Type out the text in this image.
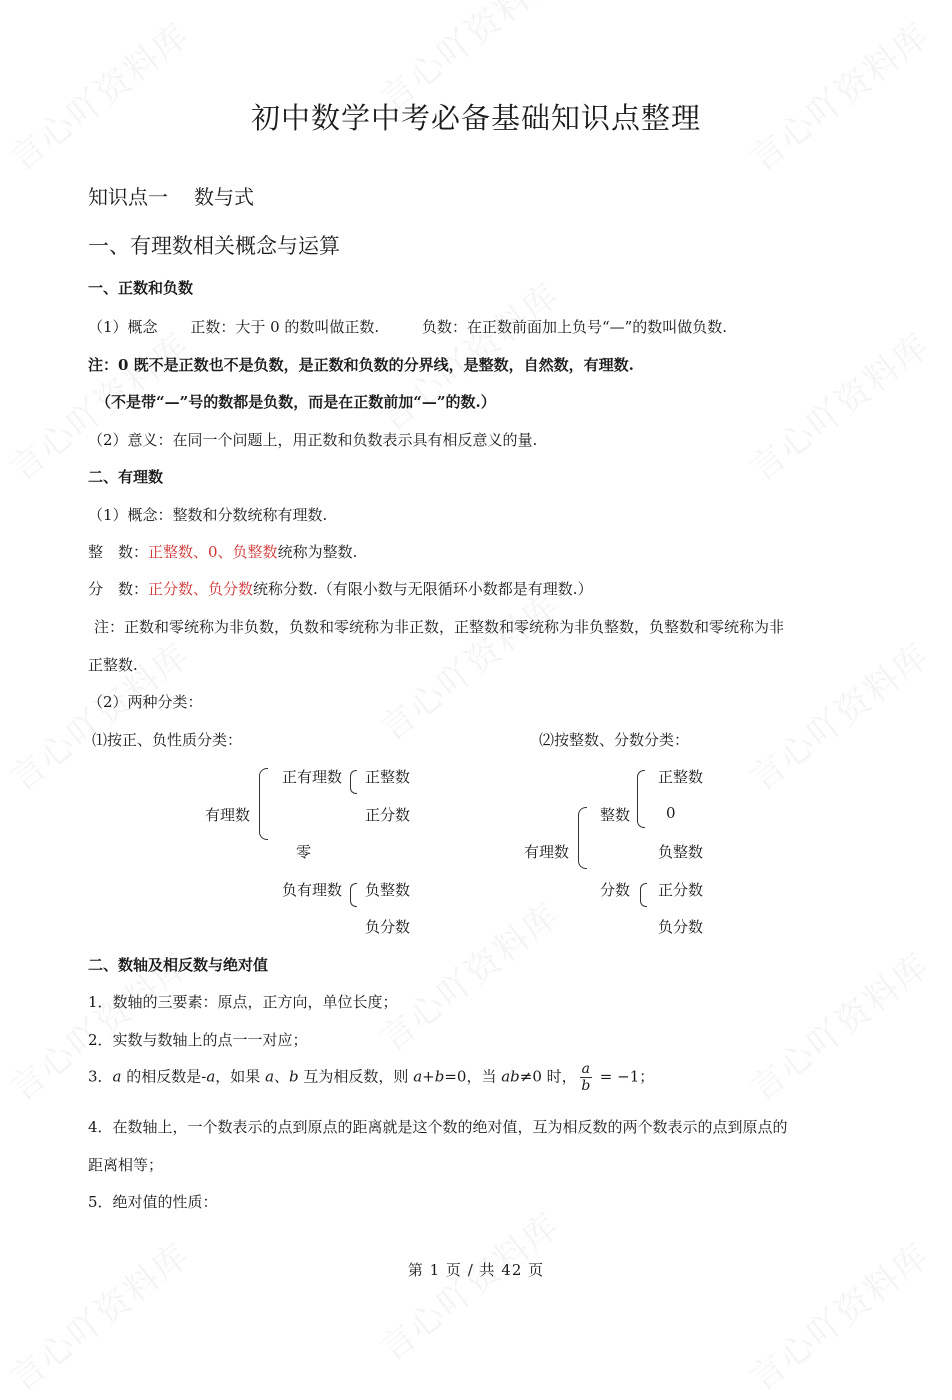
初中数学中考必备基础知识点整理
知识点一 数与式
一、有理数相关概念与运算
一、正数和负数
（1）概念 正数：大于 0 的数叫做正数.	负数：在正数前面加上负号“—”的数叫做负数.
注：0 既不是正数也不是负数，是正数和负数的分界线，是整数，自然数，有理数.
（不是带“—”号的数都是负数，而是在正数前加“—”的数.）
（2）意义：在同一个问题上，用正数和负数表示具有相反意义的量.
二、有理数
（1）概念：整数和分数统称有理数.
整　数：正整数、0、负整数统称为整数.
分　数：正分数、负分数统称分数.（有限小数与无限循环小数都是有理数.）
注：正数和零统称为非负数，负数和零统称为非正数，正整数和零统称为非负整数，负整数和零统称为非
正整数.
（2）两种分类：
⑴按正、负性质分类：
有理数
正有理数 正整数
正分数
零
负有理数 负整数
负分数
⑵按整数、分数分类：
有理数
整数
正整数
0
负整数
分数 正分数
负分数
二、数轴及相反数与绝对值
1．数轴的三要素：原点，正方向，单位长度；
2．实数与数轴上的点一一对应；
3．a 的相反数是-a，如果 a、b 互为相反数，则 a+b=0，当 ab≠0 时， $\frac{a}{b} = -1$；
4．在数轴上，一个数表示的点到原点的距离就是这个数的绝对值，互为相反数的两个数表示的点到原点的
距离相等；
5．绝对值的性质：
第 1 页 / 共 42 页
